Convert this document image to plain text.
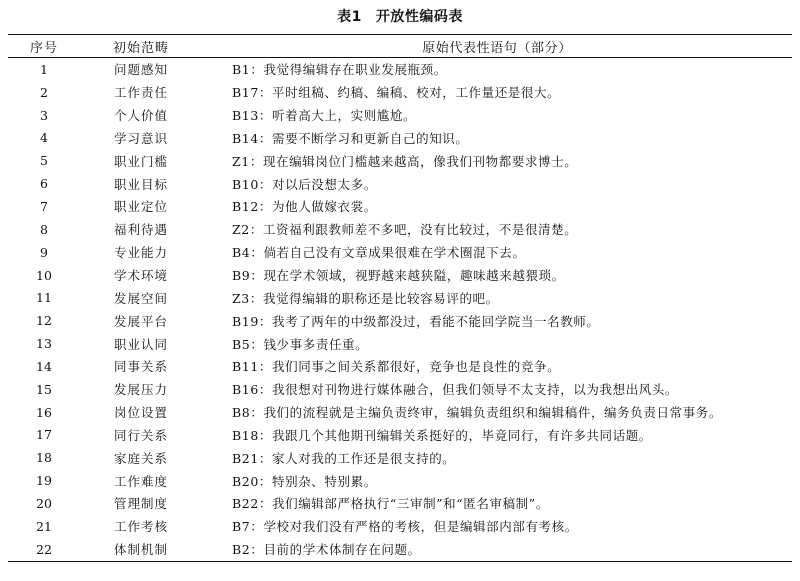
表1 开放性编码表
序号	初始范畴	原始代表性语句（部分）
1	问题感知	B1：我觉得编辑存在职业发展瓶颈。
2	工作责任	B17：平时组稿、约稿、编稿、校对，工作量还是很大。
3	个人价值	B13：听着高大上，实则尴尬。
4	学习意识	B14：需要不断学习和更新自己的知识。
5	职业门槛	Z1：现在编辑岗位门槛越来越高，像我们刊物都要求博士。
6	职业目标	B10：对以后没想太多。
7	职业定位	B12：为他人做嫁衣裳。
8	福利待遇	Z2：工资福利跟教师差不多吧，没有比较过，不是很清楚。
9	专业能力	B4：倘若自己没有文章成果很难在学术圈混下去。
10	学术环境	B9：现在学术领域，视野越来越狭隘，趣味越来越猥琐。
11	发展空间	Z3：我觉得编辑的职称还是比较容易评的吧。
12	发展平台	B19：我考了两年的中级都没过，看能不能回学院当一名教师。
13	职业认同	B5：钱少事多责任重。
14	同事关系	B11：我们同事之间关系都很好，竞争也是良性的竞争。
15	发展压力	B16：我很想对刊物进行媒体融合，但我们领导不太支持，以为我想出风头。
16	岗位设置	B8：我们的流程就是主编负责终审，编辑负责组织和编辑稿件，编务负责日常事务。
17	同行关系	B18：我跟几个其他期刊编辑关系挺好的，毕竟同行，有许多共同话题。
18	家庭关系	B21：家人对我的工作还是很支持的。
19	工作难度	B20：特别杂、特别累。
20	管理制度	B22：我们编辑部严格执行“三审制”和“匿名审稿制”。
21	工作考核	B7：学校对我们没有严格的考核，但是编辑部内部有考核。
22	体制机制	B2：目前的学术体制存在问题。
